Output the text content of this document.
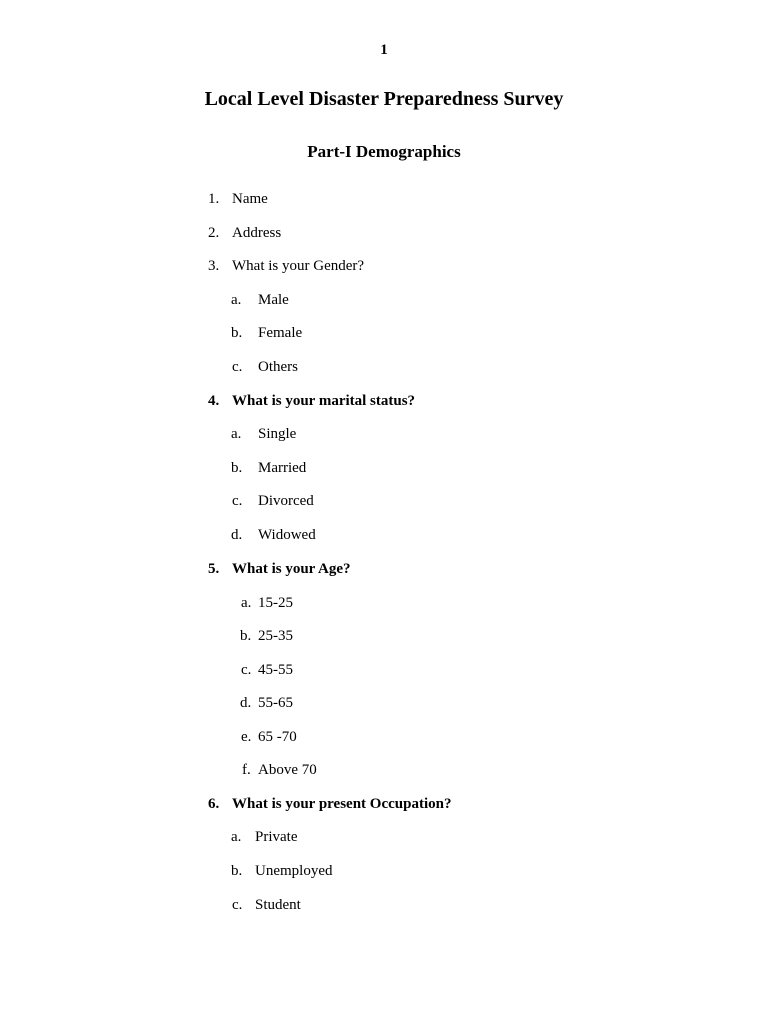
1
Local Level Disaster Preparedness Survey
Part-I Demographics
1. Name
2. Address
3. What is your Gender?
a. Male
b. Female
c. Others
4. What is your marital status?
a. Single
b. Married
c. Divorced
d. Widowed
5. What is your Age?
a. 15-25
b. 25-35
c. 45-55
d. 55-65
e. 65 -70
f. Above 70
6. What is your present Occupation?
a. Private
b. Unemployed
c. Student
